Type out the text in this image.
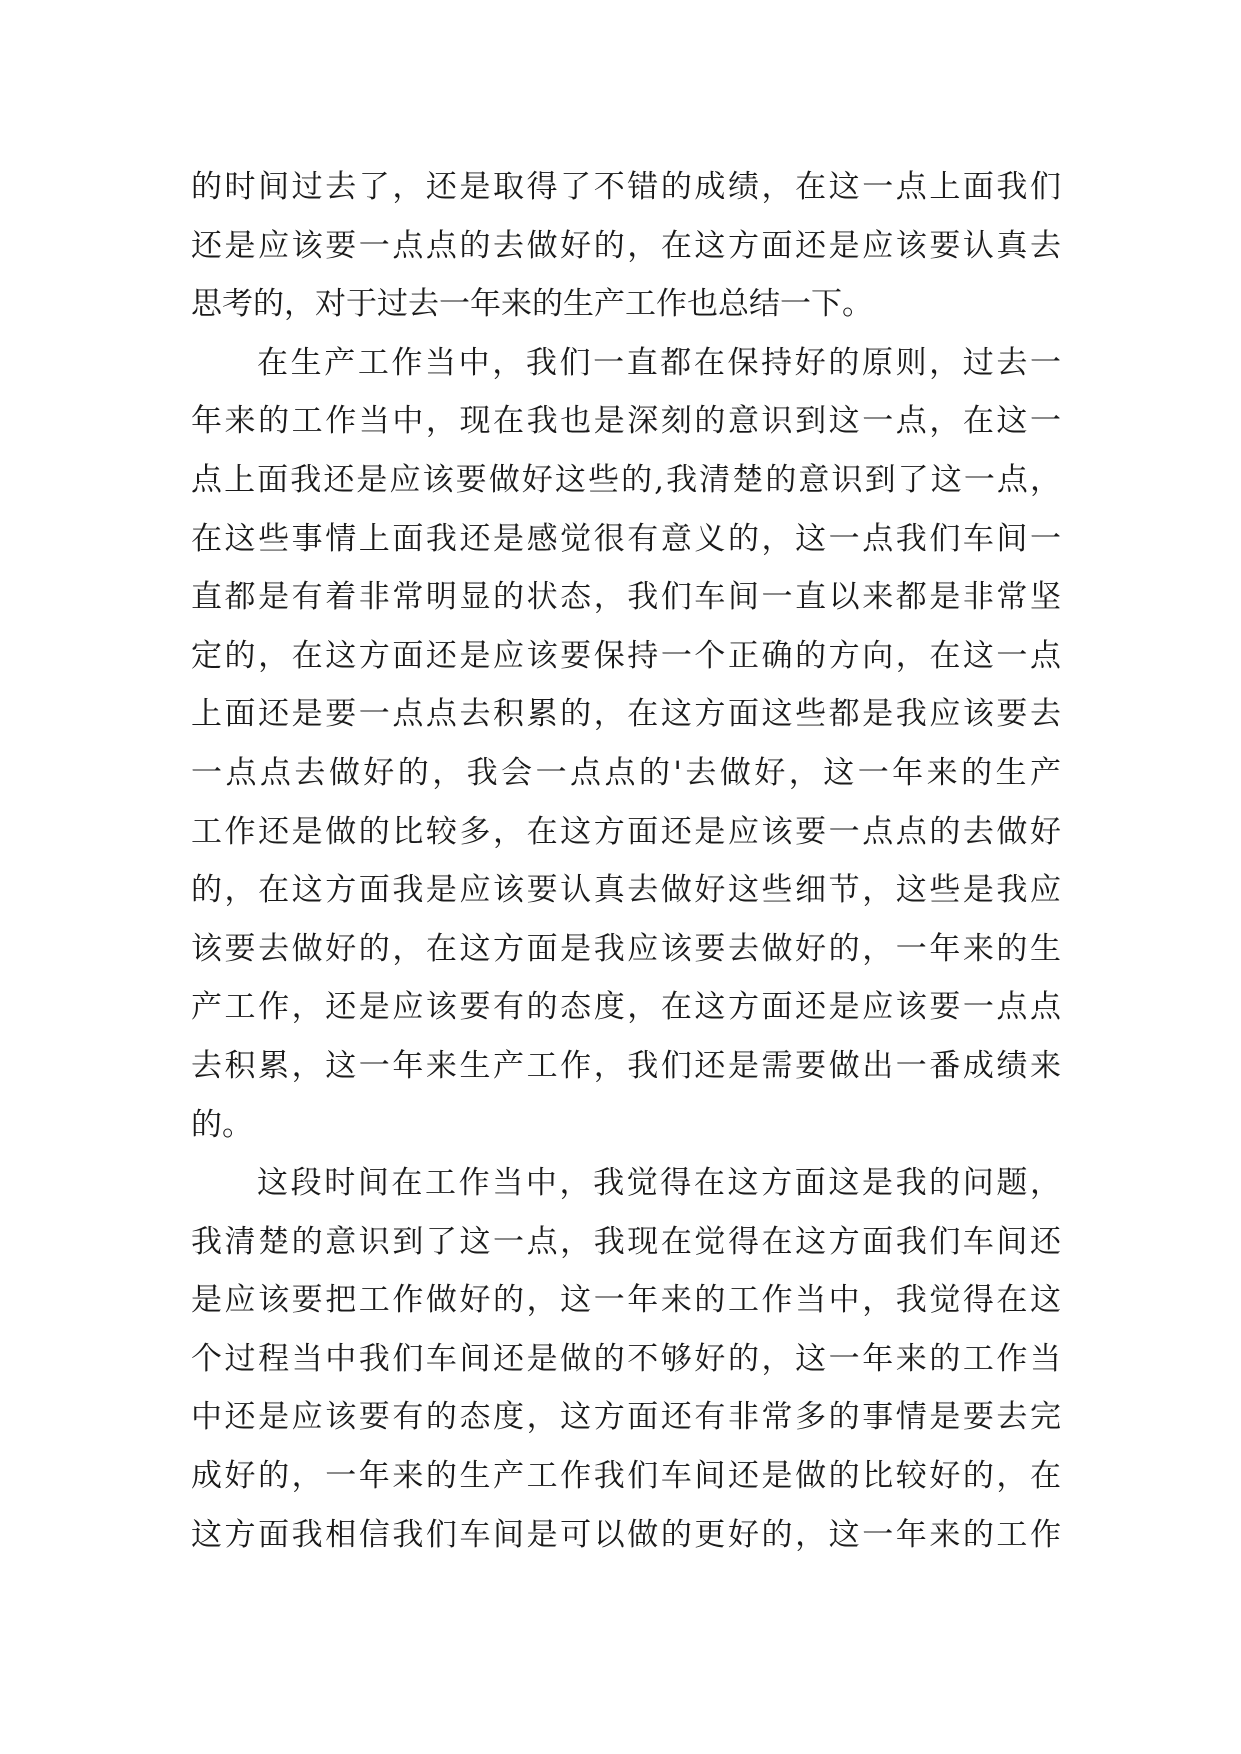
的时间过去了，还是取得了不错的成绩，在这一点上面我们
还是应该要一点点的去做好的，在这方面还是应该要认真去
思考的，对于过去一年来的生产工作也总结一下。
在生产工作当中，我们一直都在保持好的原则，过去一
年来的工作当中，现在我也是深刻的意识到这一点，在这一
点上面我还是应该要做好这些的,我清楚的意识到了这一点，
在这些事情上面我还是感觉很有意义的，这一点我们车间一
直都是有着非常明显的状态，我们车间一直以来都是非常坚
定的，在这方面还是应该要保持一个正确的方向，在这一点
上面还是要一点点去积累的，在这方面这些都是我应该要去
一点点去做好的，我会一点点的'去做好，这一年来的生产
工作还是做的比较多，在这方面还是应该要一点点的去做好
的，在这方面我是应该要认真去做好这些细节，这些是我应
该要去做好的，在这方面是我应该要去做好的，一年来的生
产工作，还是应该要有的态度，在这方面还是应该要一点点
去积累，这一年来生产工作，我们还是需要做出一番成绩来
的。
这段时间在工作当中，我觉得在这方面这是我的问题，
我清楚的意识到了这一点，我现在觉得在这方面我们车间还
是应该要把工作做好的，这一年来的工作当中，我觉得在这
个过程当中我们车间还是做的不够好的，这一年来的工作当
中还是应该要有的态度，这方面还有非常多的事情是要去完
成好的，一年来的生产工作我们车间还是做的比较好的，在
这方面我相信我们车间是可以做的更好的，这一年来的工作
